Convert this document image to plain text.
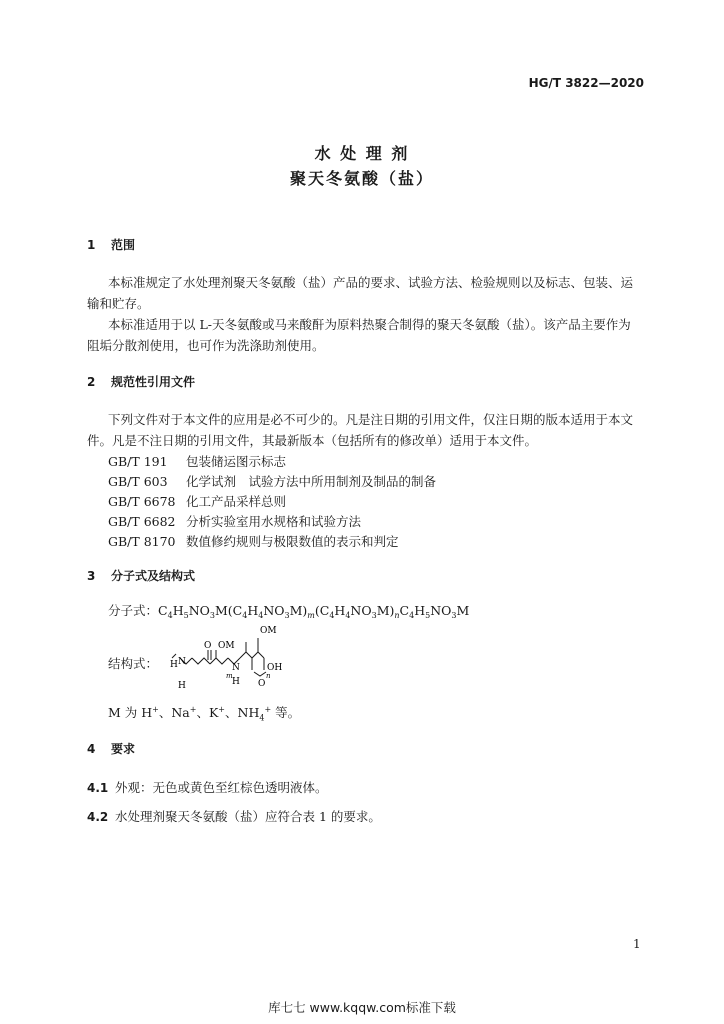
HG/T 3822—2020
水 处 理 剂
聚天冬氨酸（盐）
1 范围
本标准规定了水处理剂聚天冬氨酸（盐）产品的要求、试验方法、检验规则以及标志、包装、运
输和贮存。
本标准适用于以 L-天冬氨酸或马来酸酐为原料热聚合制得的聚天冬氨酸（盐）。该产品主要作为
阻垢分散剂使用，也可作为洗涤助剂使用。
2 规范性引用文件
下列文件对于本文件的应用是必不可少的。凡是注日期的引用文件，仅注日期的版本适用于本文
件。凡是不注日期的引用文件，其最新版本（包括所有的修改单）适用于本文件。
GB/T 191 包装储运图示标志
GB/T 603 化学试剂　试验方法中所用制剂及制品的制备
GB/T 6678 化工产品采样总则
GB/T 6682 分析实验室用水规格和试验方法
GB/T 8170 数值修约规则与极限数值的表示和判定
3 分子式及结构式
分子式：$C_4H_5NO_3M(C_4H_4NO_3M)_m(C_4H_4NO_3M)_nC_4H_5NO_3M$
结构式： H N
H
O OM
N
H
m
OM
OH
O
n
M 为 H+、Na+、K+、$NH_4^+$ 等。
4 要求
4.1 外观：无色或黄色至红棕色透明液体。
4.2 水处理剂聚天冬氨酸（盐）应符合表 1 的要求。
1
库七七 www.kqqw.com标准下载
